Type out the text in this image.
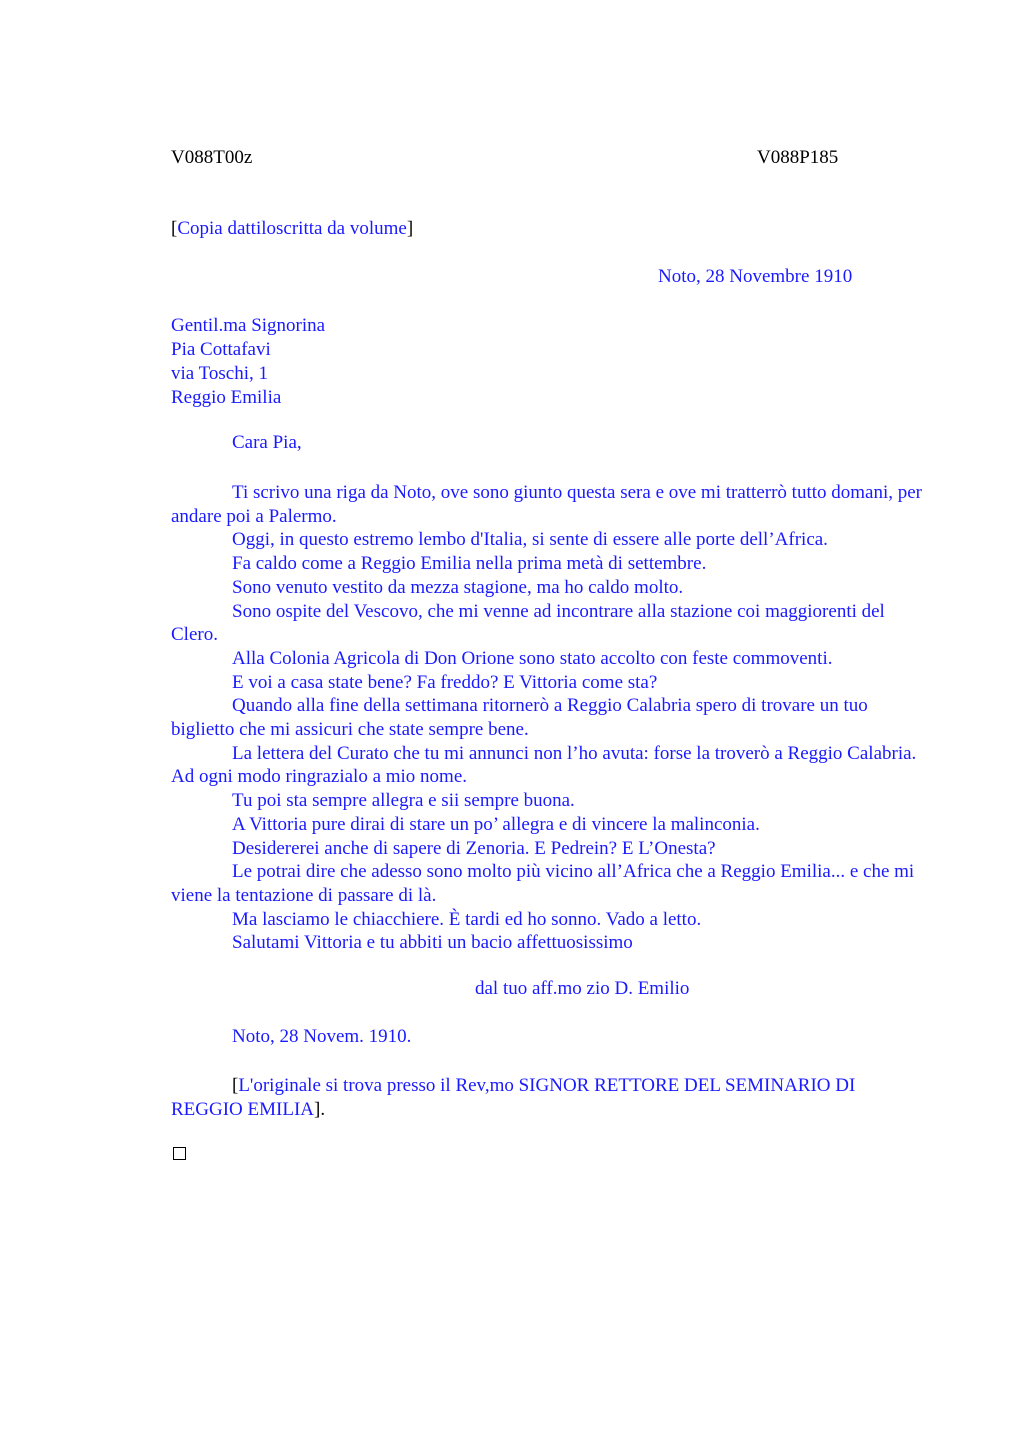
V088T00z	V088P185
[Copia dattiloscritta da volume]
Noto, 28 Novembre 1910
Gentil.ma Signorina
Pia Cottafavi
via Toschi, 1
Reggio Emilia
Cara Pia,

Ti scrivo una riga da Noto, ove sono giunto questa sera e ove mi tratterrò tutto domani, per andare poi a Palermo.

Oggi, in questo estremo lembo d'Italia, si sente di essere alle porte dell’Africa.

Fa caldo come a Reggio Emilia nella prima metà di settembre.

Sono venuto vestito da mezza stagione, ma ho caldo molto.

Sono ospite del Vescovo, che mi venne ad incontrare alla stazione coi maggiorenti del Clero.

Alla Colonia Agricola di Don Orione sono stato accolto con feste commoventi.

E voi a casa state bene? Fa freddo? E Vittoria come sta?

Quando alla fine della settimana ritornerò a Reggio Calabria spero di trovare un tuo biglietto che mi assicuri che state sempre bene.

La lettera del Curato che tu mi annunci non l’ho avuta: forse la troverò a Reggio Calabria. Ad ogni modo ringrazialo a mio nome.

Tu poi sta sempre allegra e sii sempre buona.

A Vittoria pure dirai di stare un po’ allegra e di vincere la malinconia.

Desidererei anche di sapere di Zenoria. E Pedrein? E L’Onesta?

Le potrai dire che adesso sono molto più vicino all’Africa che a Reggio Emilia... e che mi viene la tentazione di passare di là.

Ma lasciamo le chiacchiere. È tardi ed ho sonno. Vado a letto.

Salutami Vittoria e tu abbiti un bacio affettuosissimo

dal tuo aff.mo zio D. Emilio
Noto, 28 Novem. 1910.

[L'originale si trova presso il Rev,mo SIGNOR RETTORE DEL SEMINARIO DI REGGIO EMILIA].
